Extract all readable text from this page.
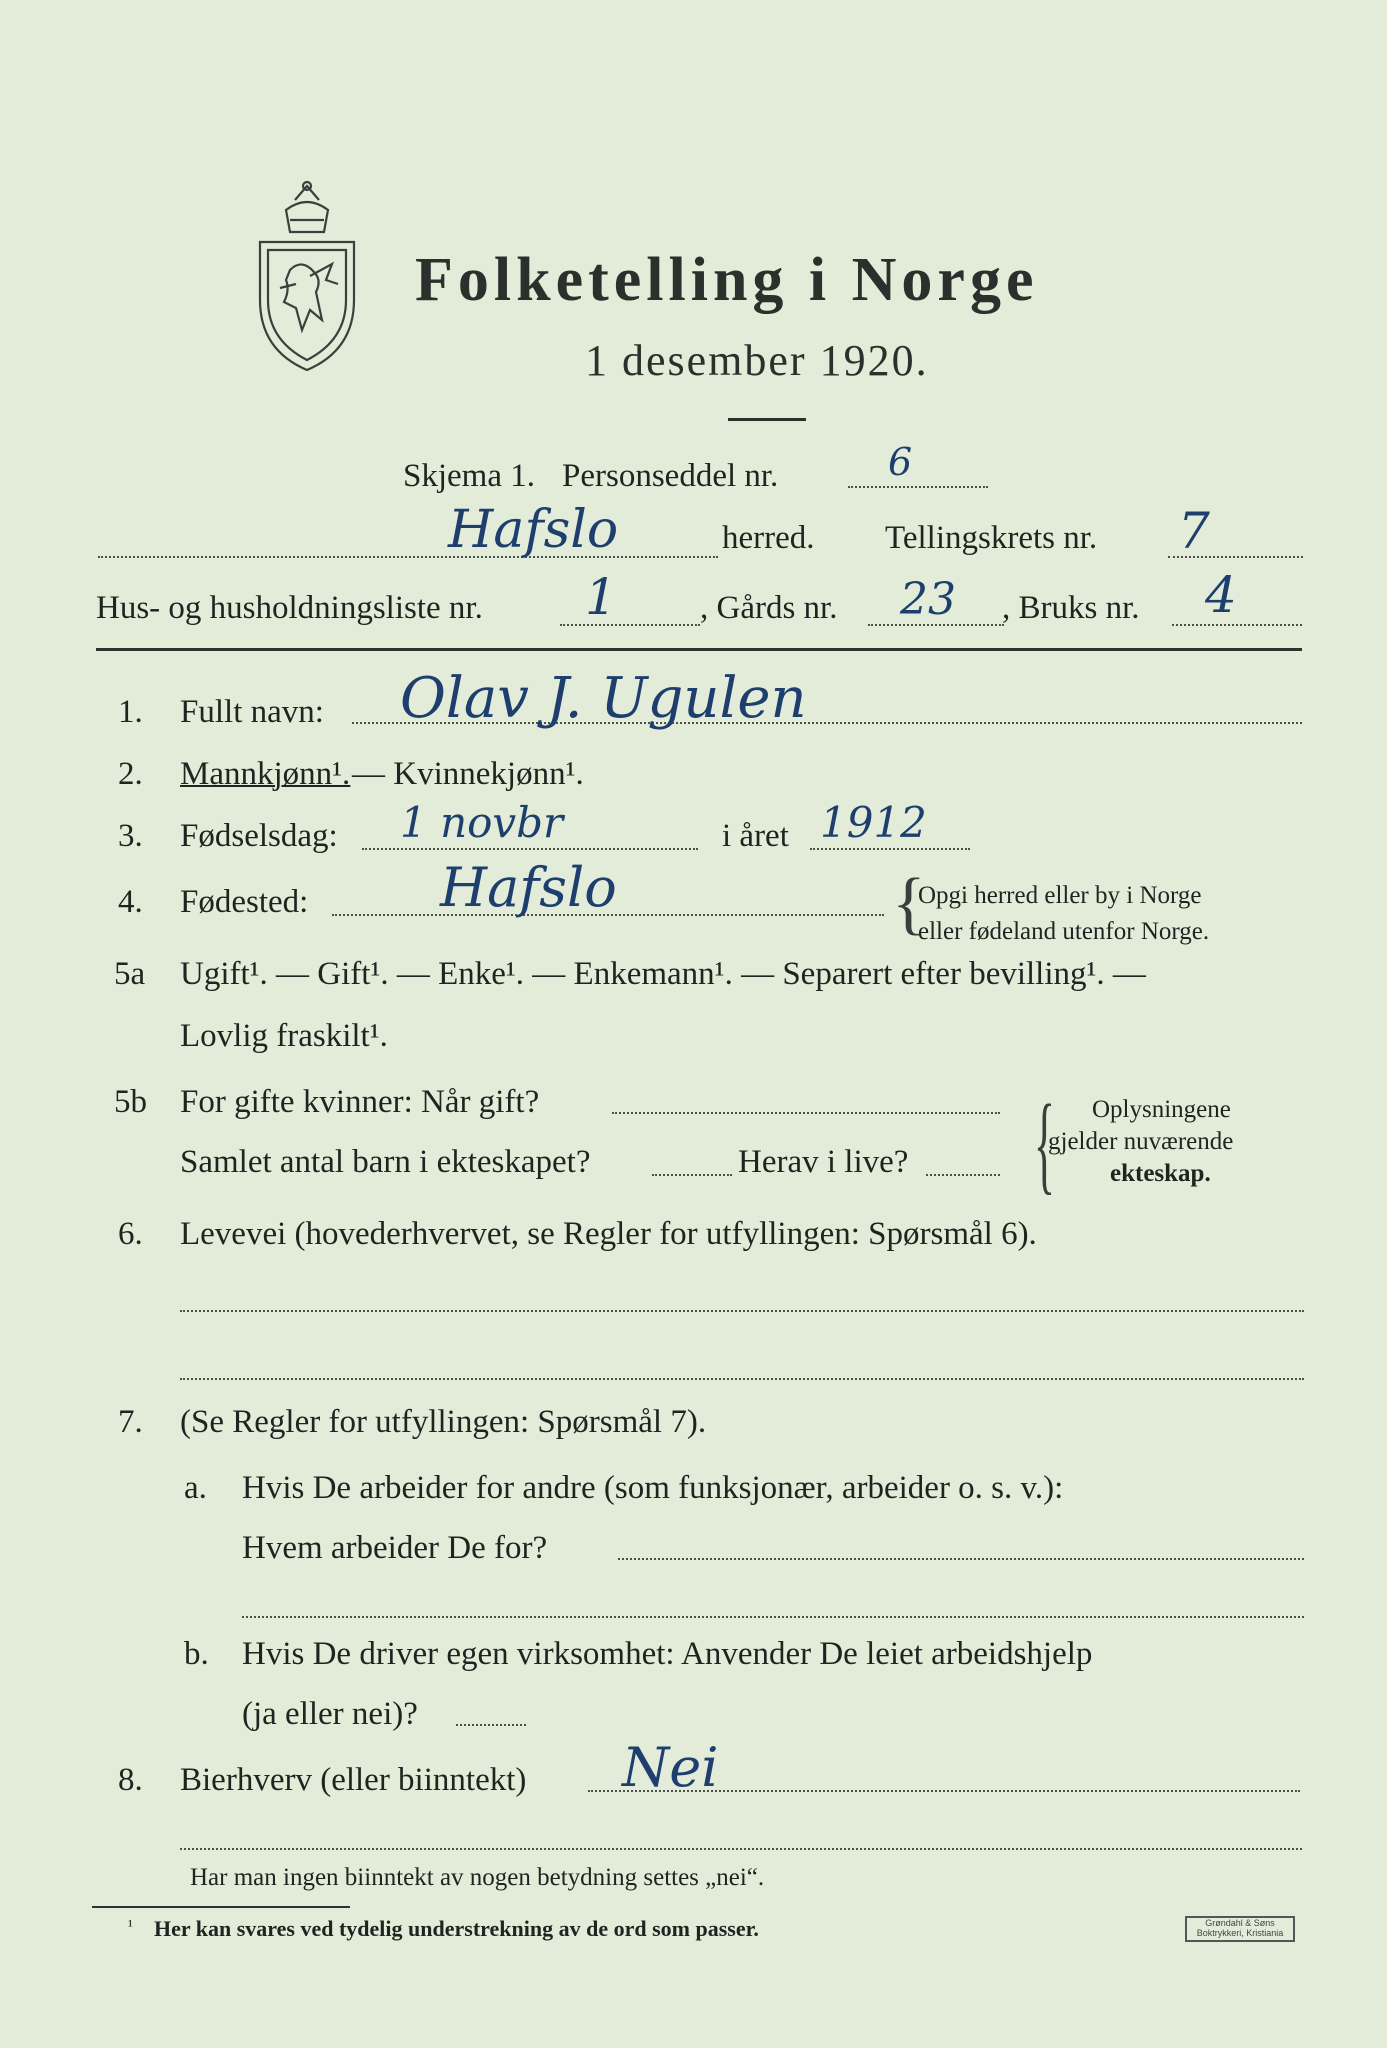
Folketelling i Norge
1 desember 1920.
Skjema 1. Personseddel nr.	6
Hafslo	herred. Tellingskrets nr. 7
Hus- og husholdningsliste nr. 1	, Gårds nr. 23 , Bruks nr. 4
1. Fullt navn: Olav J. Ugulen
2. Mannkjønn¹. — Kvinnekjønn¹.
3. Fødselsdag: 1 novbr	i året 1912
4. Fødested: Hafslo	{
Opgi herred eller by i Norge
eller fødeland utenfor Norge.
5a Ugift¹. — Gift¹. — Enke¹. — Enkemann¹. — Separert efter bevilling¹. —
Lovlig fraskilt¹.
5b For gifte kvinner: Når gift?
Samlet antal barn i ekteskapet?	Herav i live? { Oplysningene
gjelder nuværende
ekteskap.
6. Levevei (hovederhvervet, se Regler for utfyllingen: Spørsmål 6).
7. (Se Regler for utfyllingen: Spørsmål 7).
a. Hvis De arbeider for andre (som funksjonær, arbeider o. s. v.):
Hvem arbeider De for?
b. Hvis De driver egen virksomhet: Anvender De leiet arbeidshjelp
(ja eller nei)?
8. Bierhverv (eller biinntekt) Nei
Har man ingen biinntekt av nogen betydning settes „nei“.
¹ Her kan svares ved tydelig understrekning av de ord som passer.	Grøndahl & Søns Boktrykkeri, Kristiania
